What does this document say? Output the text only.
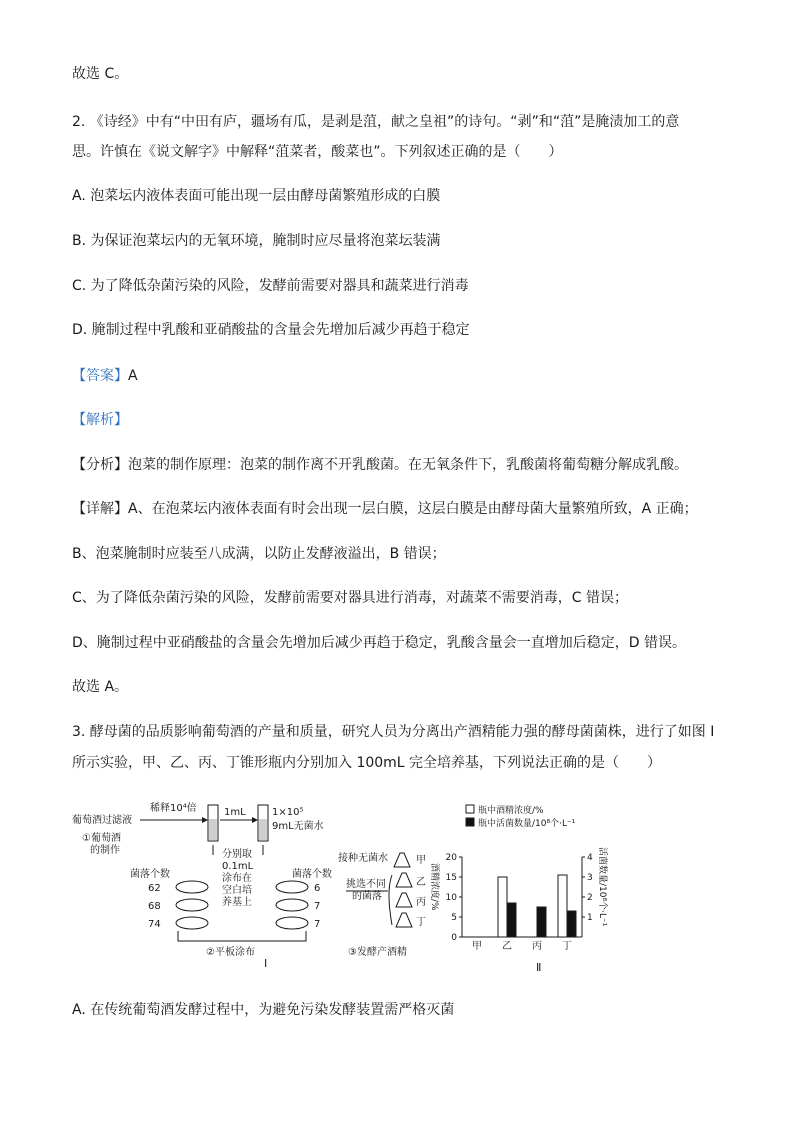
故选 C。
2. 《诗经》中有“中田有庐，疆场有瓜，是剥是菹，献之皇祖”的诗句。“剥”和“菹”是腌渍加工的意
思。许慎在《说文解字》中解释“菹菜者，酸菜也”。下列叙述正确的是（　　）
A. 泡菜坛内液体表面可能出现一层由酵母菌繁殖形成的白膜
B. 为保证泡菜坛内的无氧环境，腌制时应尽量将泡菜坛装满
C. 为了降低杂菌污染的风险，发酵前需要对器具和蔬菜进行消毒
D. 腌制过程中乳酸和亚硝酸盐的含量会先增加后减少再趋于稳定
【答案】A
【解析】
【分析】泡菜的制作原理：泡菜的制作离不开乳酸菌。在无氧条件下，乳酸菌将葡萄糖分解成乳酸。
【详解】A、在泡菜坛内液体表面有时会出现一层白膜，这层白膜是由酵母菌大量繁殖所致，A 正确；
B、泡菜腌制时应装至八成满，以防止发酵液溢出，B 错误；
C、为了降低杂菌污染的风险，发酵前需要对器具进行消毒，对蔬菜不需要消毒，C 错误；
D、腌制过程中亚硝酸盐的含量会先增加后减少再趋于稳定，乳酸含量会一直增加后稳定，D 错误。
故选 A。
3. 酵母菌的品质影响葡萄酒的产量和质量，研究人员为分离出产酒精能力强的酵母菌菌株，进行了如图 I
所示实验，甲、乙、丙、丁锥形瓶内分别加入 100mL 完全培养基，下列说法正确的是（　　）
葡萄酒过滤液
稀释10⁴倍	1mL	1×10⁵
9mL无菌水
①葡萄酒
的制作
菌落个数
62
68
74
分别取
0.1mL
涂布在
空白培
养基上
菌落个数
6
7
7
②平板涂布
接种无菌水	甲
挑选不同
的菌落
乙
丙
丁
③发酵产酒精
Ⅰ
瓶中酒精浓度/%
瓶中活菌数量/10⁸个·L⁻¹
酒精浓度/%	活菌数量/10⁸个·L⁻¹
Ⅱ
0
5
10
15
20
1
2
3
4
甲 乙 丙 丁
A. 在传统葡萄酒发酵过程中，为避免污染发酵装置需严格灭菌
